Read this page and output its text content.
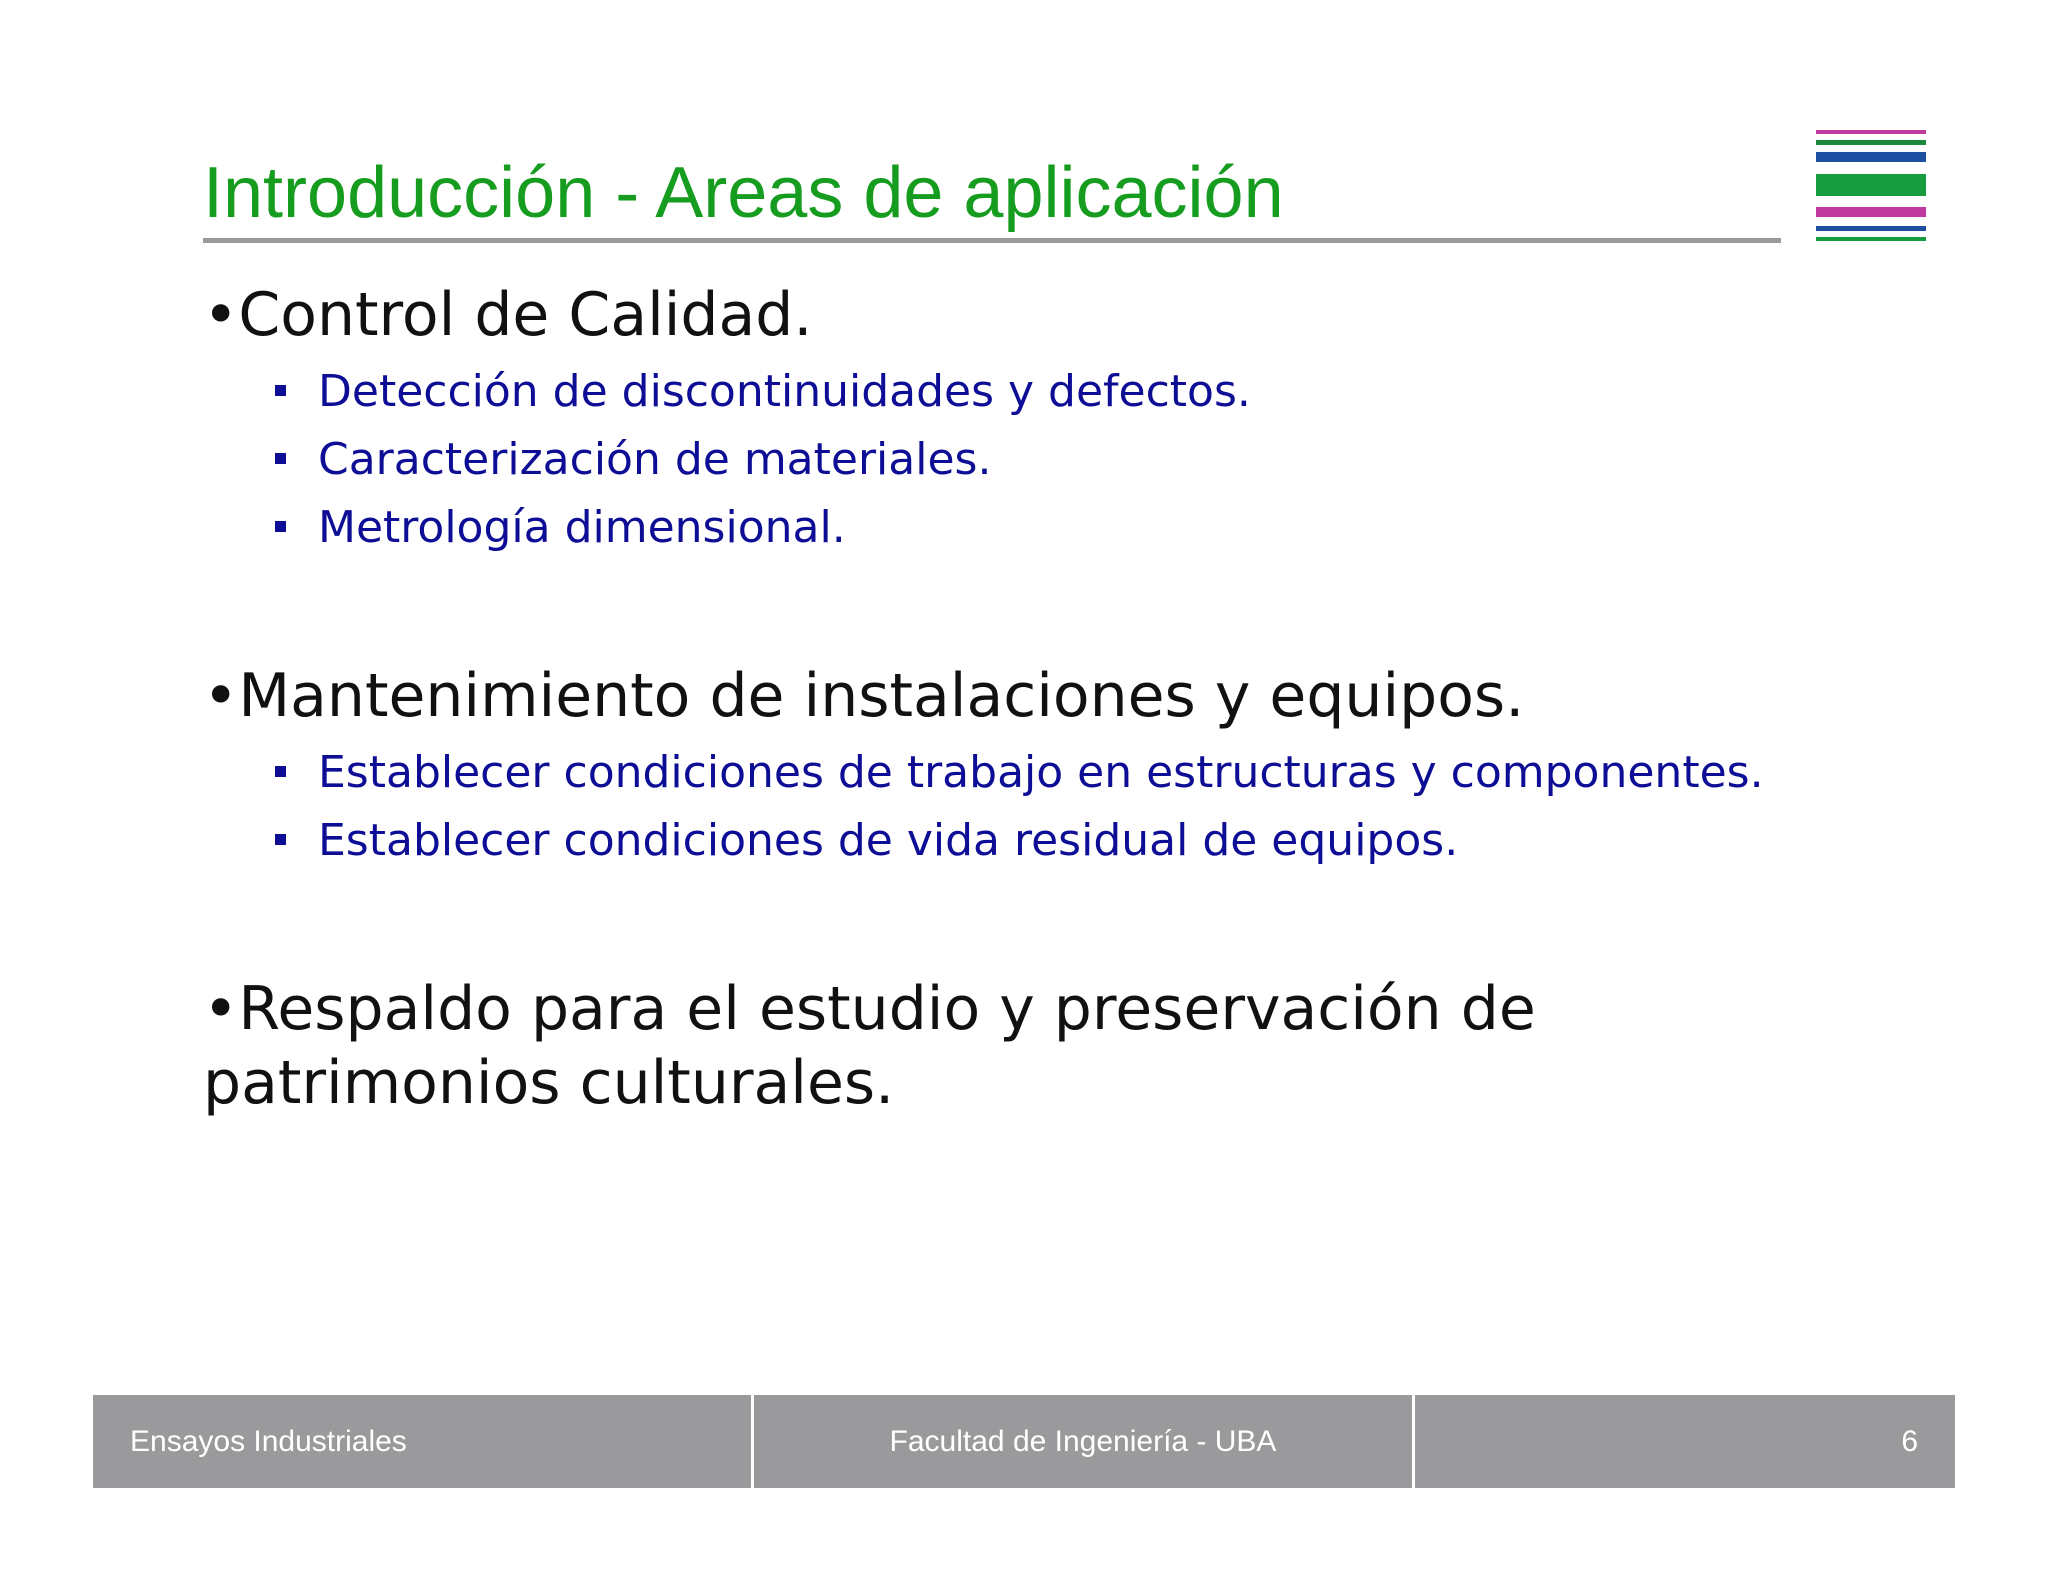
Introducción - Areas de aplicación
•Control de Calidad.
Detección de discontinuidades y defectos.
Caracterización de materiales.
Metrología dimensional.
•Mantenimiento de instalaciones y equipos.
Establecer condiciones de trabajo en estructuras y componentes.
Establecer condiciones de vida residual de equipos.
•Respaldo para el estudio y preservación de patrimonios culturales.
Ensayos Industriales	Facultad de Ingeniería - UBA	6
